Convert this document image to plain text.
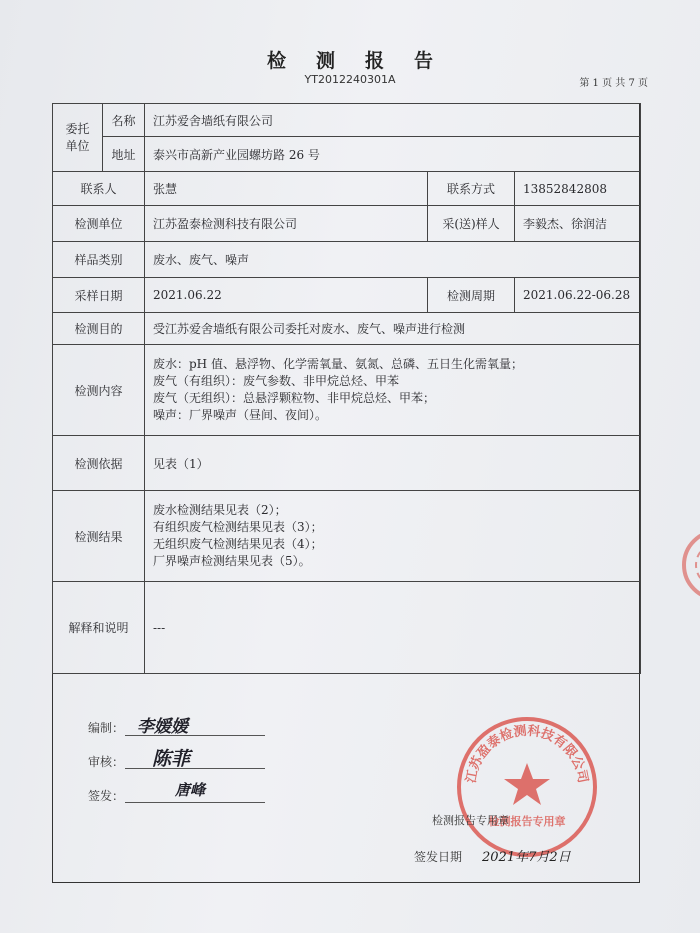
检测报告
YT2012240301A	第 1 页 共 7 页
委托
单位	名称	江苏爱舍墙纸有限公司		
	地址	泰兴市高新产业园螺坊路 26 号		
联系人		张慧	联系方式	13852842808
检测单位		江苏盈泰检测科技有限公司	采(送)样人	李毅杰、徐润洁
样品类别		废水、废气、噪声		
采样日期		2021.06.22	检测周期	2021.06.22-06.28
检测目的		受江苏爱舍墙纸有限公司委托对废水、废气、噪声进行检测		
检测内容		废水：pH 值、悬浮物、化学需氧量、氨氮、总磷、五日生化需氧量；
废气（有组织）：废气参数、非甲烷总烃、甲苯
废气（无组织）：总悬浮颗粒物、非甲烷总烃、甲苯；
噪声：厂界噪声（昼间、夜间）。		

检测依据		见表（1）		
检测结果		废水检测结果见表（2）；
有组织废气检测结果见表（3）；
无组织废气检测结果见表（4）；
厂界噪声检测结果见表（5）。		

解释和说明		---		
编制： 李媛媛
审核： 陈菲
签发：	唐峰
江苏盈泰检测科技有限公司
检测报告专用章
检测报告专用章
签发日期 2021年7月2日
